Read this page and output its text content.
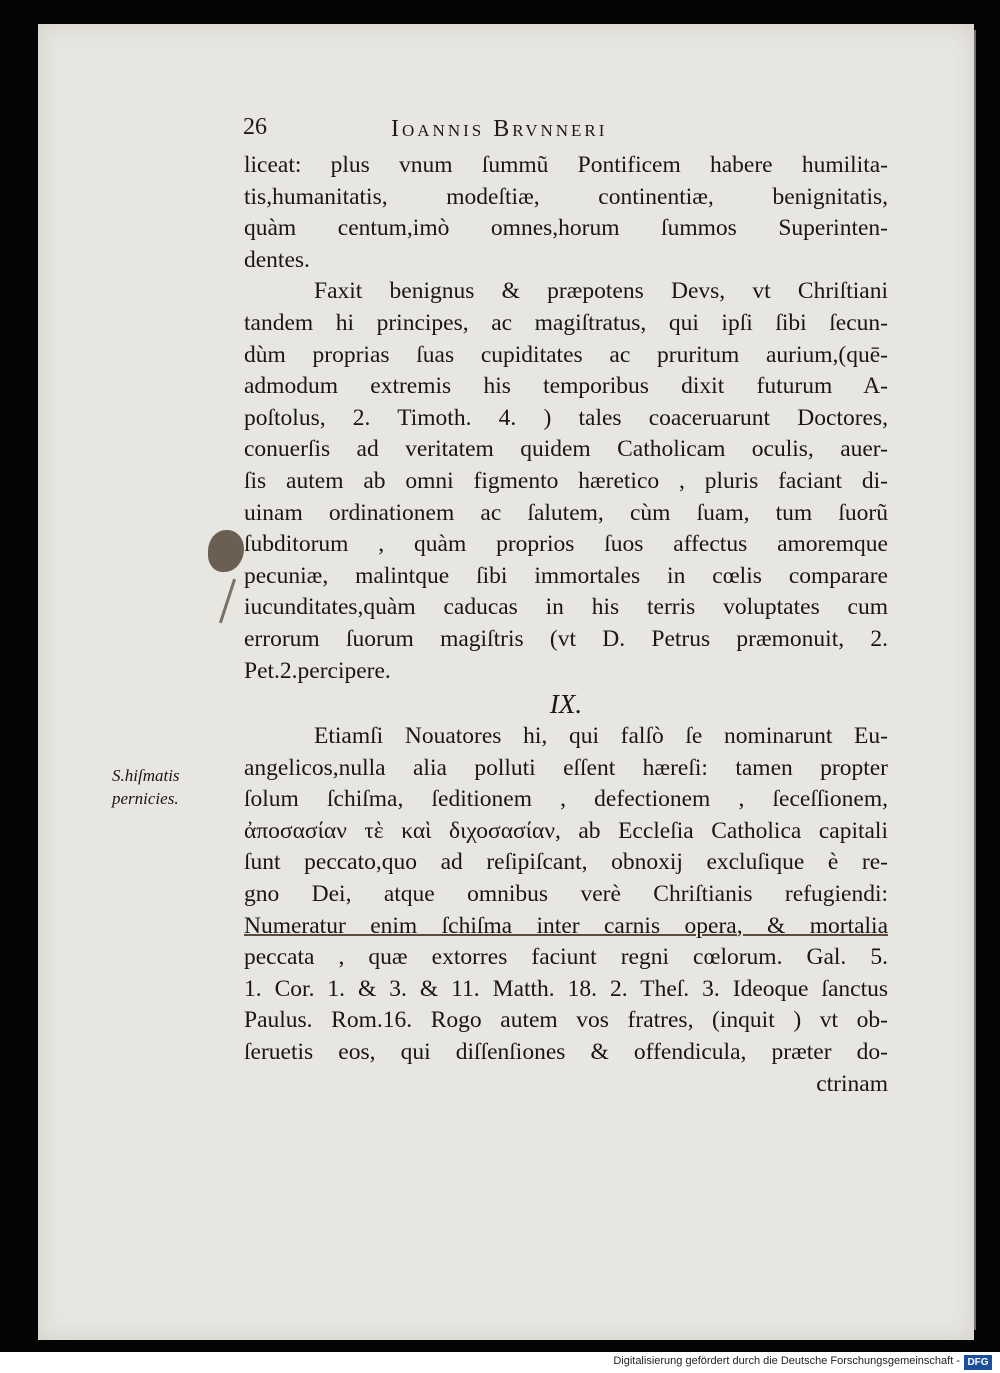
26	Ioannis Brvnneri
liceat: plus vnum ſummũ Pontificem habere humilita-
tis,humanitatis, modeſtiæ, continentiæ, benignitatis,
quàm centum,imò omnes,horum ſummos Superinten-
dentes.
Faxit benignus & præpotens Devs, vt Chriſtiani
tandem hi principes, ac magiſtratus, qui ipſi ſibi ſecun-
dùm proprias ſuas cupiditates ac pruritum aurium,(quē-
admodum extremis his temporibus dixit futurum A-
poſtolus, 2. Timoth. 4. ) tales coaceruarunt Doctores,
conuerſis ad veritatem quidem Catholicam oculis, auer-
ſis autem ab omni figmento hæretico , pluris faciant di-
uinam ordinationem ac ſalutem, cùm ſuam, tum ſuorũ
ſubditorum , quàm proprios ſuos affectus amoremque
pecuniæ, malintque ſibi immortales in cœlis comparare
iucunditates,quàm caducas in his terris voluptates cum
errorum ſuorum magiſtris (vt D. Petrus præmonuit, 2.
Pet.2.percipere.
IX.
Etiamſi Nouatores hi, qui falſò ſe nominarunt Eu-
angelicos,nulla alia polluti eſſent hæreſi: tamen propter
ſolum ſchiſma, ſeditionem , defectionem , ſeceſſionem,
ἀποσασίαν τὲ καὶ διχοσασίαν, ab Eccleſia Catholica capitali
ſunt peccato,quo ad reſipiſcant, obnoxij excluſique è re-
gno Dei, atque omnibus verè Chriſtianis refugiendi:
Numeratur enim ſchiſma inter carnis opera, & mortalia
peccata , quæ extorres faciunt regni cœlorum. Gal. 5.
1. Cor. 1. & 3. & 11. Matth. 18. 2. Theſ. 3. Ideoque ſanctus
Paulus. Rom.16. Rogo autem vos fratres, (inquit ) vt ob-
ſeruetis eos, qui diſſenſiones & offendicula, præter do-
ctrinam
S.hiſmatis
pernicies.
Digitalisierung gefördert durch die Deutsche Forschungsgemeinschaft - DFG
